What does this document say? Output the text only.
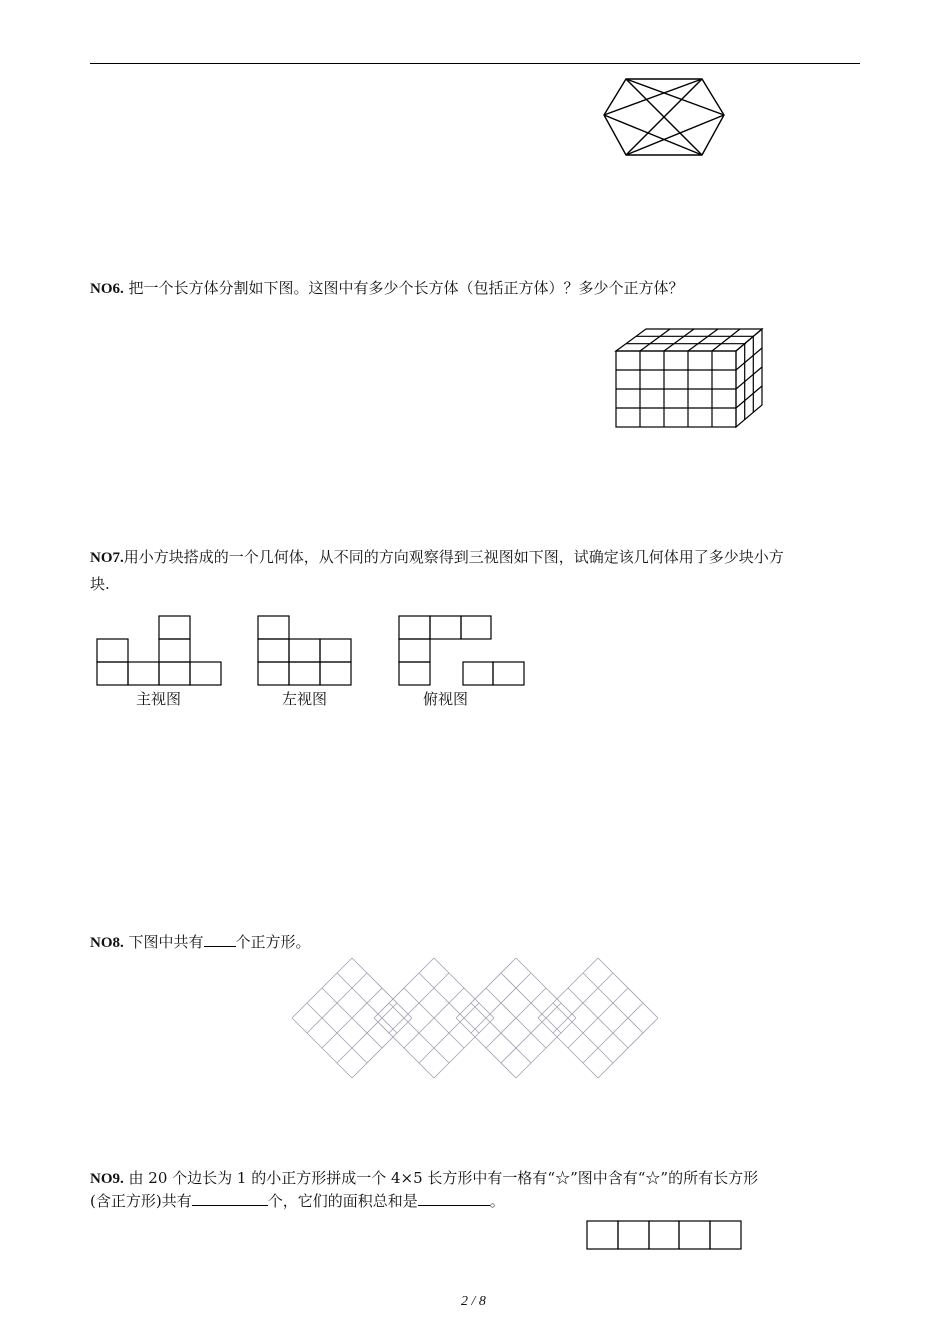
NO6. 把一个长方体分割如下图。这图中有多少个长方体（包括正方体）？多少个正方体？
NO7.用小方块搭成的一个几何体，从不同的方向观察得到三视图如下图，试确定该几何体用了多少块小方
块.
主视图	左视图	俯视图
NO8. 下图中共有 个正方形。
NO9. 由 20 个边长为 1 的小正方形拼成一个 4×5 长方形中有一格有“☆”图中含有“☆”的所有长方形
(含正方形)共有	个，它们的面积总和是	。
2 / 8
